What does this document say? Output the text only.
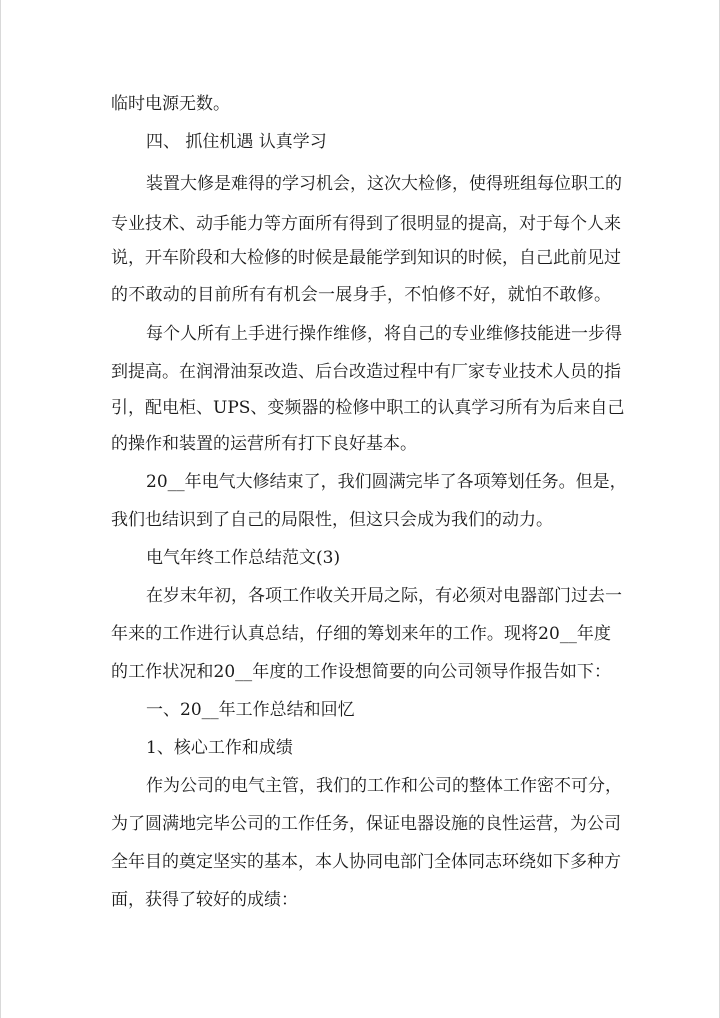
临时电源无数。
四、 抓住机遇 认真学习
装置大修是难得的学习机会，这次大检修，使得班组每位职工的
专业技术、动手能力等方面所有得到了很明显的提高，对于每个人来
说，开车阶段和大检修的时候是最能学到知识的时候，自己此前见过
的不敢动的目前所有有机会一展身手，不怕修不好，就怕不敢修。
每个人所有上手进行操作维修，将自己的专业维修技能进一步得
到提高。在润滑油泵改造、后台改造过程中有厂家专业技术人员的指
引，配电柜、UPS、变频器的检修中职工的认真学习所有为后来自己
的操作和装置的运营所有打下良好基本。
20__年电气大修结束了，我们圆满完毕了各项筹划任务。但是，
我们也结识到了自己的局限性，但这只会成为我们的动力。
电气年终工作总结范文(3)
在岁末年初，各项工作收关开局之际，有必须对电器部门过去一
年来的工作进行认真总结，仔细的筹划来年的工作。现将20__年度
的工作状况和20__年度的工作设想简要的向公司领导作报告如下：
一、20__年工作总结和回忆
1、核心工作和成绩
作为公司的电气主管，我们的工作和公司的整体工作密不可分，
为了圆满地完毕公司的工作任务，保证电器设施的良性运营，为公司
全年目的奠定坚实的基本，本人协同电部门全体同志环绕如下多种方
面，获得了较好的成绩：
